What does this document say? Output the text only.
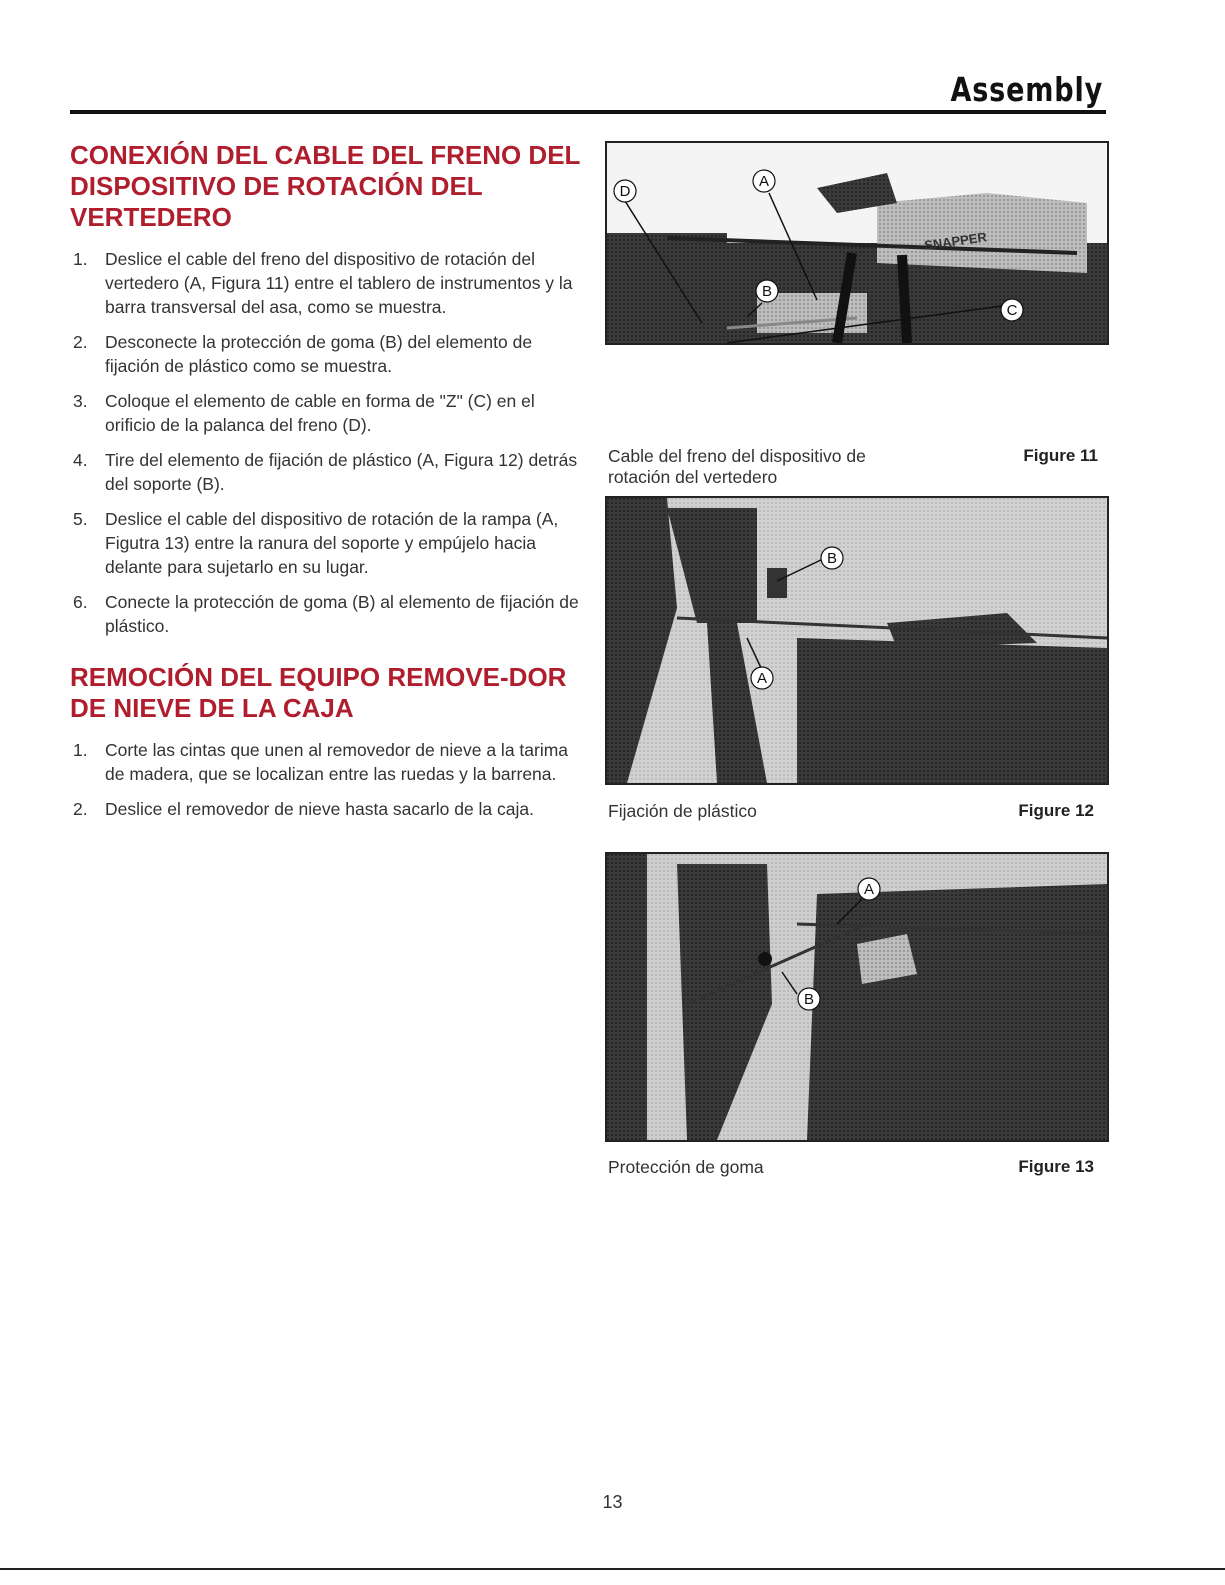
Assembly
CONEXIÓN DEL CABLE DEL FRENO DEL DISPOSITIVO DE ROTACIÓN DEL VERTEDERO
1. Deslice el cable del freno del dispositivo de rotación del vertedero (A, Figura 11) entre el tablero de instrumentos y la barra transversal del asa, como se muestra.
2. Desconecte la protección de goma (B) del elemento de fijación de plástico como se muestra.
3. Coloque el elemento de cable en forma de "Z" (C) en el orificio de la palanca del freno (D).
4. Tire del elemento de fijación de plástico (A, Figura 12) detrás del soporte (B).
5. Deslice el cable del dispositivo de rotación de la rampa (A, Figutra 13) entre la ranura del soporte y empújelo hacia delante para sujetarlo en su lugar.
6. Conecte la protección de goma (B) al elemento de fijación de plástico.
REMOCIÓN DEL EQUIPO REMOVE-DOR DE NIEVE DE LA CAJA
1. Corte las cintas que unen al removedor de nieve a la tarima de madera, que se localizan entre las ruedas y la barrena.
2. Deslice el removedor de nieve hasta sacarlo de la caja.
D
A
B
C
SNAPPER
Cable del freno del dispositivo de rotación del vertedero
Figure 11
B
A
Fijación de plástico	Figure 12
A
B
Protección de goma	Figure 13
13
